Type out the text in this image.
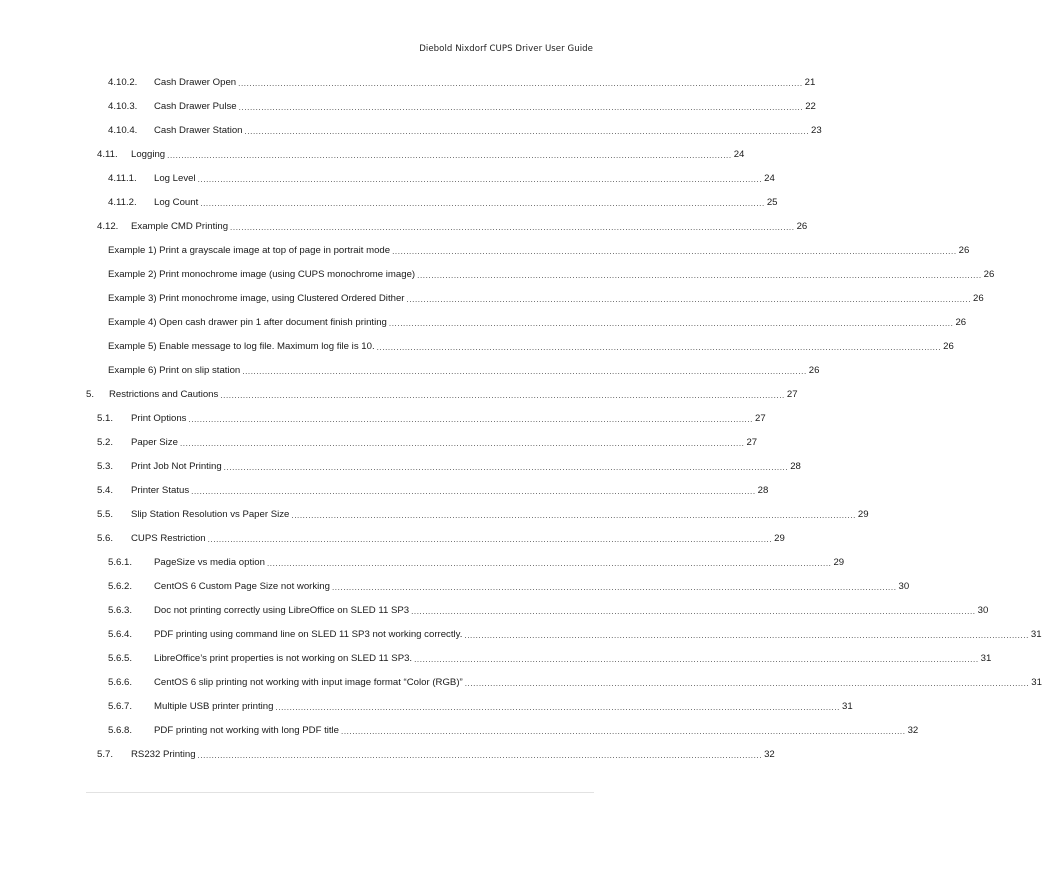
Diebold Nixdorf CUPS Driver User Guide
4.10.2.	Cash Drawer Open ........................................................................................................................................................................................................ 21
4.10.3.	Cash Drawer Pulse ........................................................................................................................................................................................................ 22
4.10.4.	Cash Drawer Station ........................................................................................................................................................................................................ 23
4.11.	Logging ........................................................................................................................................................................................................ 24
4.11.1.	Log Level ........................................................................................................................................................................................................ 24
4.11.2.	Log Count ........................................................................................................................................................................................................ 25
4.12.	Example CMD Printing ........................................................................................................................................................................................................ 26
Example 1) Print a grayscale image at top of page in portrait mode ........................................................................................................................................................................................................ 26
Example 2) Print monochrome image (using CUPS monochrome image) ........................................................................................................................................................................................................ 26
Example 3) Print monochrome image, using Clustered Ordered Dither ........................................................................................................................................................................................................ 26
Example 4) Open cash drawer pin 1 after document finish printing ........................................................................................................................................................................................................ 26
Example 5) Enable message to log file. Maximum log file is 10. ........................................................................................................................................................................................................ 26
Example 6) Print on slip station ........................................................................................................................................................................................................ 26
5.	Restrictions and Cautions ........................................................................................................................................................................................................ 27
5.1.	Print Options ........................................................................................................................................................................................................ 27
5.2.	Paper Size ........................................................................................................................................................................................................ 27
5.3.	Print Job Not Printing ........................................................................................................................................................................................................ 28
5.4.	Printer Status ........................................................................................................................................................................................................ 28
5.5.	Slip Station Resolution vs Paper Size ........................................................................................................................................................................................................ 29
5.6.	CUPS Restriction ........................................................................................................................................................................................................ 29
5.6.1.	PageSize vs media option ........................................................................................................................................................................................................ 29
5.6.2.	CentOS 6 Custom Page Size not working ........................................................................................................................................................................................................ 30
5.6.3.	Doc not printing correctly using LibreOffice on SLED 11 SP3 ........................................................................................................................................................................................................ 30
5.6.4.	PDF printing using command line on SLED 11 SP3 not working correctly. ........................................................................................................................................................................................................ 31
5.6.5.	LibreOffice’s print properties is not working on SLED 11 SP3. ........................................................................................................................................................................................................ 31
5.6.6.	CentOS 6 slip printing not working with input image format “Color (RGB)” ........................................................................................................................................................................................................ 31
5.6.7.	Multiple USB printer printing ........................................................................................................................................................................................................ 31
5.6.8.	PDF printing not working with long PDF title ........................................................................................................................................................................................................ 32
5.7.	RS232 Printing ........................................................................................................................................................................................................ 32
